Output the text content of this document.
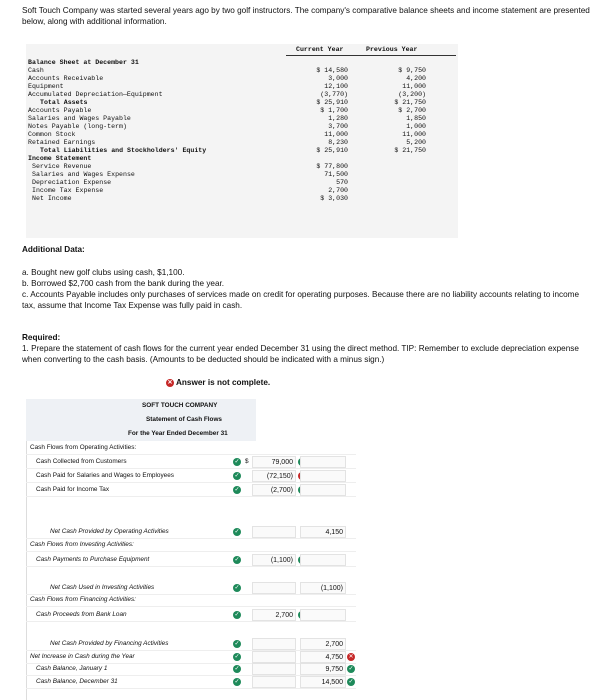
Soft Touch Company was started several years ago by two golf instructors. The company's comparative balance sheets and income statement are presented below, along with additional information.
Current Year	Previous Year
Balance Sheet at December 31
Cash	$ 14,580	$ 9,750
Accounts Receivable	3,000	4,200
Equipment	12,100	11,000
Accumulated Depreciation—Equipment	(3,770)	(3,200)
Total Assets	$ 25,910	$ 21,750
Accounts Payable	$ 1,700	$ 2,700
Salaries and Wages Payable	1,280	1,850
Notes Payable (long-term)	3,700	1,000
Common Stock	11,000	11,000
Retained Earnings	8,230	5,200
Total Liabilities and Stockholders' Equity	$ 25,910	$ 21,750
Income Statement
Service Revenue	$ 77,800
Salaries and Wages Expense	71,500
Depreciation Expense	570
Income Tax Expense	2,700
Net Income	$ 3,030
Additional Data:
a. Bought new golf clubs using cash, $1,100.
b. Borrowed $2,700 cash from the bank during the year.
c. Accounts Payable includes only purchases of services made on credit for operating purposes. Because there are no liability accounts relating to income tax, assume that Income Tax Expense was fully paid in cash.
Required:
1. Prepare the statement of cash flows for the current year ended December 31 using the direct method. TIP: Remember to exclude depreciation expense when converting to the cash basis. (Amounts to be deducted should be indicated with a minus sign.)
✕ Answer is not complete.
SOFT TOUCH COMPANY
Statement of Cash Flows
For the Year Ended December 31
Cash Flows from Operating Activities:
Cash Collected from Customers	✓ $	79,000
Cash Paid for Salaries and Wages to Employees	✓	(72,150)
Cash Paid for Income Tax	✓	(2,700)
Net Cash Provided by Operating Activities	✓	4,150
Cash Flows from Investing Activities:
Cash Payments to Purchase Equipment	✓	(1,100)
Net Cash Used in Investing Activities	✓	(1,100)
Cash Flows from Financing Activities:
Cash Proceeds from Bank Loan	✓	2,700
Net Cash Provided by Financing Activities	✓	2,700
Net Increase in Cash during the Year	✓	4,750 ✕
Cash Balance, January 1	✓	9,750 ✓
Cash Balance, December 31	✓	14,500 ✓
